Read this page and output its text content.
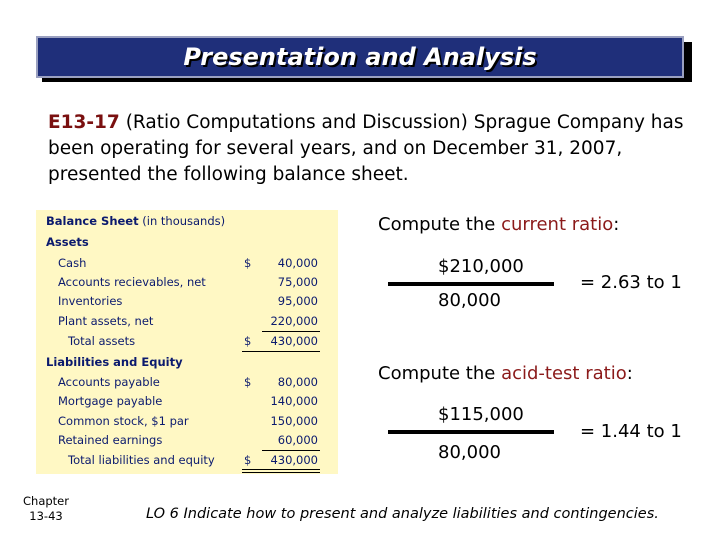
Presentation and Analysis
E13-17 (Ratio Computations and Discussion) Sprague Company has been operating for several years, and on December 31, 2007, presented the following balance sheet.
Balance Sheet (in thousands)
Assets
Cash	$ 40,000
Accounts recievables, net	75,000
Inventories	95,000
Plant assets, net	220,000
Total assets	$ 430,000
Liabilities and Equity
Accounts payable	$ 80,000
Mortgage payable	140,000
Common stock, $1 par	150,000
Retained earnings	60,000
Total liabilities and equity	$ 430,000
Compute the current ratio:
$210,000
80,000
= 2.63 to 1
Compute the acid-test ratio:
$115,000
80,000
= 1.44 to 1
Chapter
13-43	LO 6 Indicate how to present and analyze liabilities and contingencies.
